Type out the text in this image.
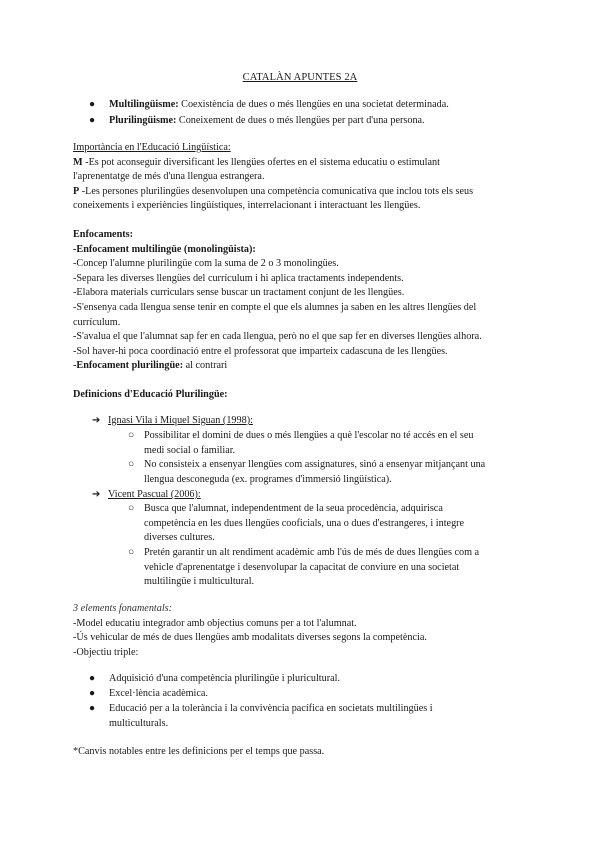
CATALÀN APUNTES 2A
● Multilingüisme: Coexistència de dues o més llengües en una societat determinada.
● Plurilingüisme: Coneixement de dues o més llengües per part d'una persona.
Importància en l'Educació Lingüística:
M -Es pot aconseguir diversificant les llengües ofertes en el sistema educatiu o estimulant
l'aprenentatge de més d'una llengua estrangera.
P -Les persones plurilingües desenvolupen una competència comunicativa que inclou tots els seus
coneixements i experiències lingüístiques, interrelacionant i interactuant les llengües.
Enfocaments:
-Enfocament multilingüe (monolingüista):
-Concep l'alumne plurilingüe com la suma de 2 o 3 monolingües.
-Separa les diverses llengües del currículum i hi aplica tractaments independents.
-Elabora materials curriculars sense buscar un tractament conjunt de les llengües.
-S'ensenya cada llengua sense tenir en compte el que els alumnes ja saben en les altres llengües del
currículum.
-S'avalua el que l'alumnat sap fer en cada llengua, però no el que sap fer en diverses llengües alhora.
-Sol haver-hi poca coordinació entre el professorat que imparteix cadascuna de les llengües.
-Enfocament plurilingüe: al contrari
Definicions d'Educació Plurilingüe:
➔ Ignasi Vila i Miquel Siguan (1998):
○ Possibilitar el domini de dues o més llengües a què l'escolar no té accés en el seu
medi social o familiar.
○ No consisteix a ensenyar llengües com assignatures, sinó a ensenyar mitjançant una
llengua desconeguda (ex. programes d'immersió lingüística).
➔ Vicent Pascual (2006):
○ Busca que l'alumnat, independentment de la seua procedència, adquirisca
competència en les dues llengües cooficials, una o dues d'estrangeres, i integre
diverses cultures.
○ Pretén garantir un alt rendiment acadèmic amb l'ús de més de dues llengües com a
vehicle d'aprenentatge i desenvolupar la capacitat de conviure en una societat
multilingüe i multicultural.
3 elements fonamentals:
-Model educatiu integrador amb objectius comuns per a tot l'alumnat.
-Ús vehicular de més de dues llengües amb modalitats diverses segons la competència.
-Objectiu triple:
● Adquisició d'una competència plurilingüe i pluricultural.
● Excel·lència acadèmica.
● Educació per a la tolerància i la convivència pacífica en societats multilingües i
multiculturals.
*Canvis notables entre les definicions per el temps que passa.
